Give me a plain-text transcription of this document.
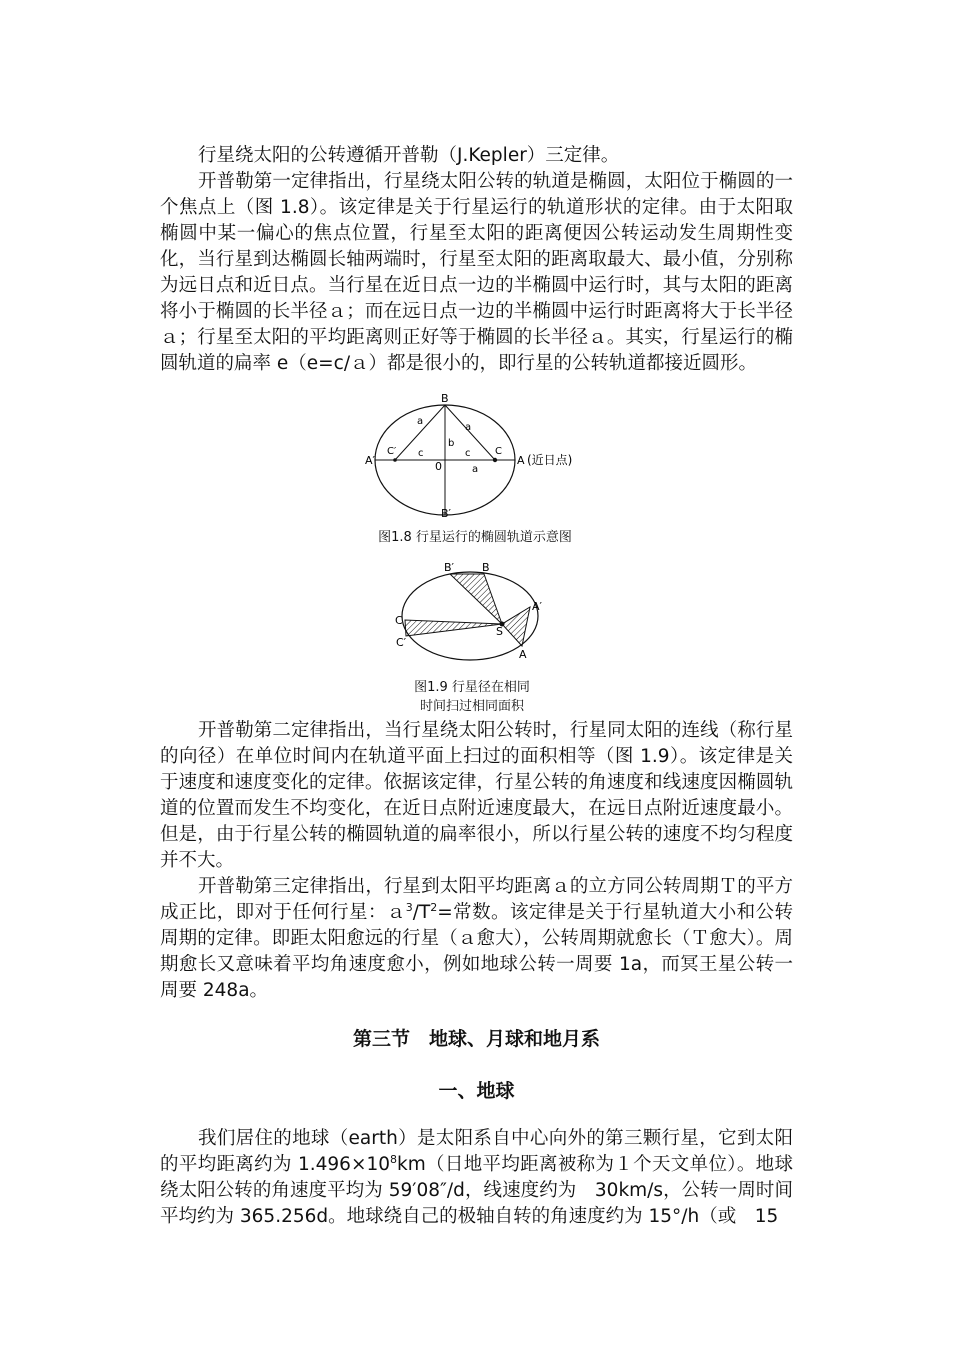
行星绕太阳的公转遵循开普勒（J.Kepler）三定律。

开普勒第一定律指出，行星绕太阳公转的轨道是椭圆，太阳位于椭圆的一个焦点上（图 1.8）。该定律是关于行星运行的轨道形状的定律。由于太阳取椭圆中某一偏心的焦点位置，行星至太阳的距离便因公转运动发生周期性变化，当行星到达椭圆长轴两端时，行星至太阳的距离取最大、最小值，分别称为远日点和近日点。当行星在近日点一边的半椭圆中运行时，其与太阳的距离将小于椭圆的长半径ａ；而在远日点一边的半椭圆中运行时距离将大于长半径ａ；行星至太阳的平均距离则正好等于椭圆的长半径ａ。其实，行星运行的椭圆轨道的扁率 e（e=c/ａ）都是很小的，即行星的公转轨道都接近圆形。

B
B′
A′	A (近日点)
C′	C
0
b
c	c
a
a
a
图1.8 行星运行的椭圆轨道示意图
B′	B
A′
A
C
C′
S
图1.9 行星径在相同
时间扫过相同面积

开普勒第二定律指出，当行星绕太阳公转时，行星同太阳的连线（称行星的向径）在单位时间内在轨道平面上扫过的面积相等（图 1.9）。该定律是关于速度和速度变化的定律。依据该定律，行星公转的角速度和线速度因椭圆轨道的位置而发生不均变化，在近日点附近速度最大，在远日点附近速度最小。但是，由于行星公转的椭圆轨道的扁率很小，所以行星公转的速度不均匀程度并不大。

开普勒第三定律指出，行星到太阳平均距离ａ的立方同公转周期Ｔ的平方成正比，即对于任何行星：$a^3/T^2=$常数。该定律是关于行星轨道大小和公转周期的定律。即距太阳愈远的行星（ａ愈大），公转周期就愈长（Ｔ愈大）。周期愈长又意味着平均角速度愈小，例如地球公转一周要 1a，而冥王星公转一周要 248a。

第三节　地球、月球和地月系
一、地球

我们居住的地球（earth）是太阳系自中心向外的第三颗行星，它到太阳的平均距离约为 $1.496\times 10^8km$（日地平均距离被称为１个天文单位）。地球绕太阳公转的角速度平均为 59′08″/d，线速度约为　30km/s，公转一周时间平均约为 365.256d。地球绕自己的极轴自转的角速度约为 15°/h（或　15
